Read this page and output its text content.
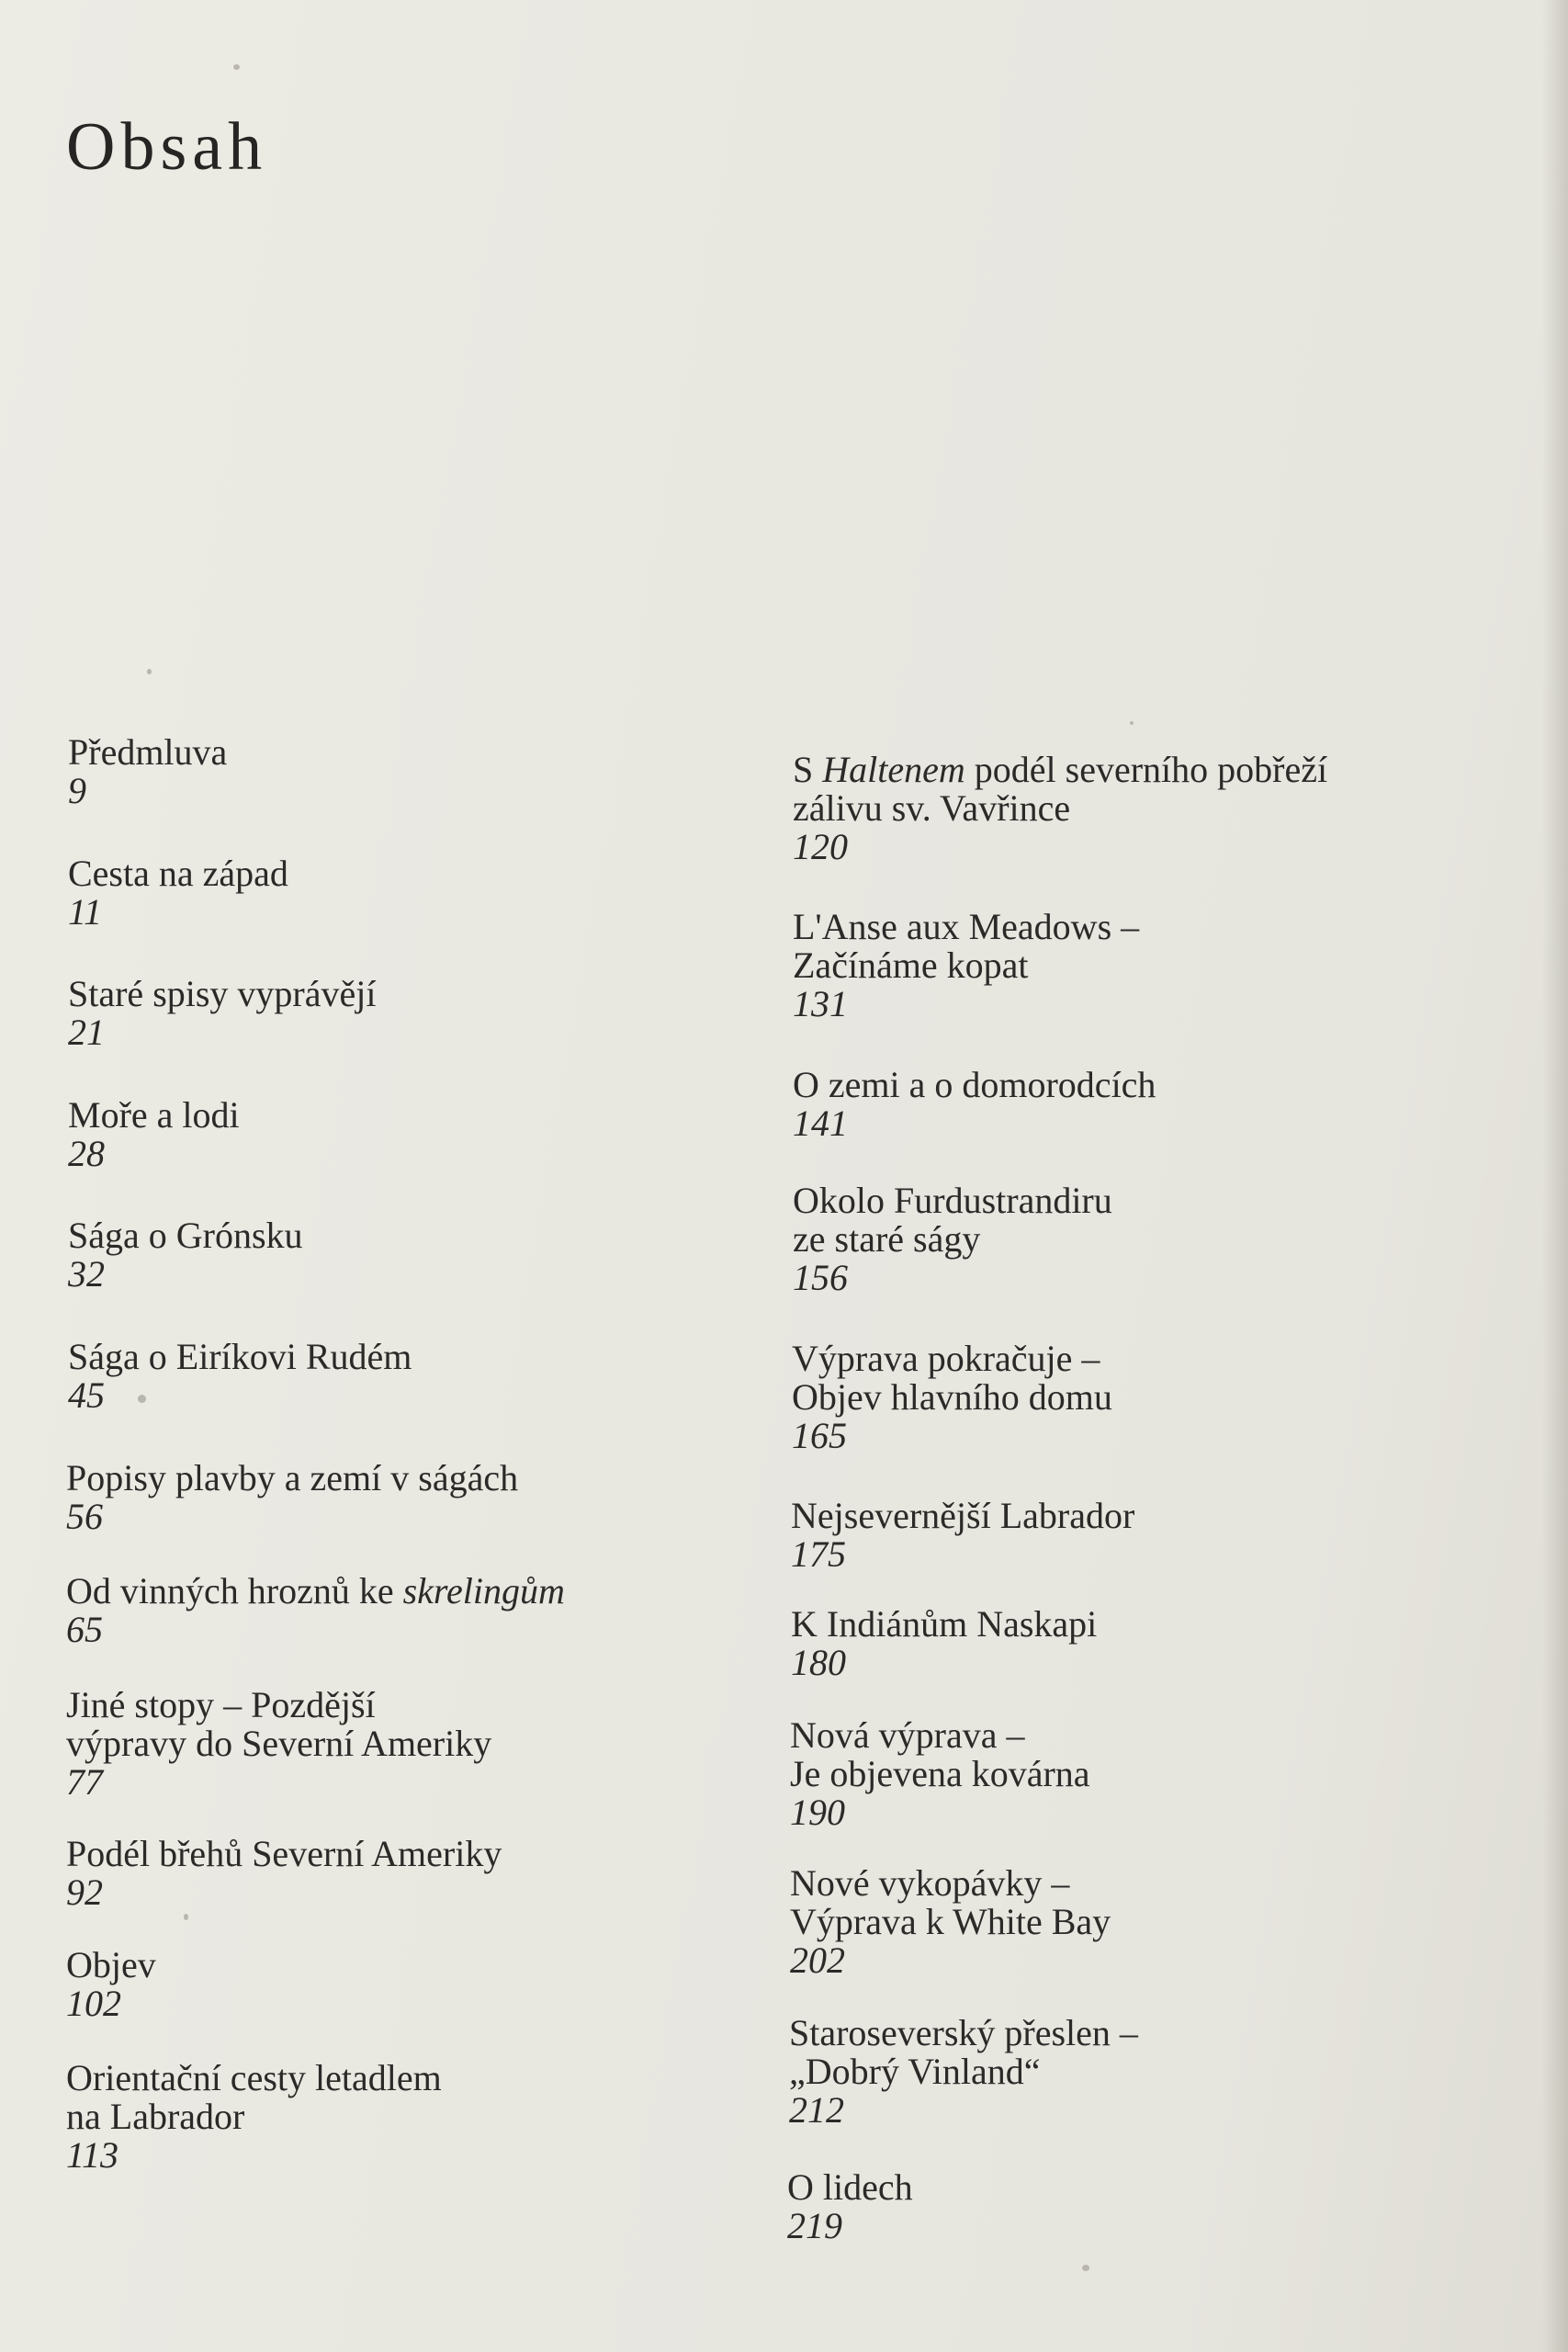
Obsah
Předmluva
9
Cesta na západ
11
Staré spisy vyprávějí
21
Moře a lodi
28
Sága o Grónsku
32
Sága o Eiríkovi Rudém
45
Popisy plavby a zemí v ságách
56
Od vinných hroznů ke skrelingům
65
Jiné stopy – Pozdější
výpravy do Severní Ameriky
77
Podél břehů Severní Ameriky
92
Objev
102
Orientační cesty letadlem
na Labrador
113
S Haltenem podél severního pobřeží
zálivu sv. Vavřince
120
L'Anse aux Meadows –
Začínáme kopat
131
O zemi a o domorodcích
141
Okolo Furdustrandiru
ze staré ságy
156
Výprava pokračuje –
Objev hlavního domu
165
Nejsevernější Labrador
175
K Indiánům Naskapi
180
Nová výprava –
Je objevena kovárna
190
Nové vykopávky –
Výprava k White Bay
202
Staroseverský přeslen –
„Dobrý Vinland“
212
O lidech
219
